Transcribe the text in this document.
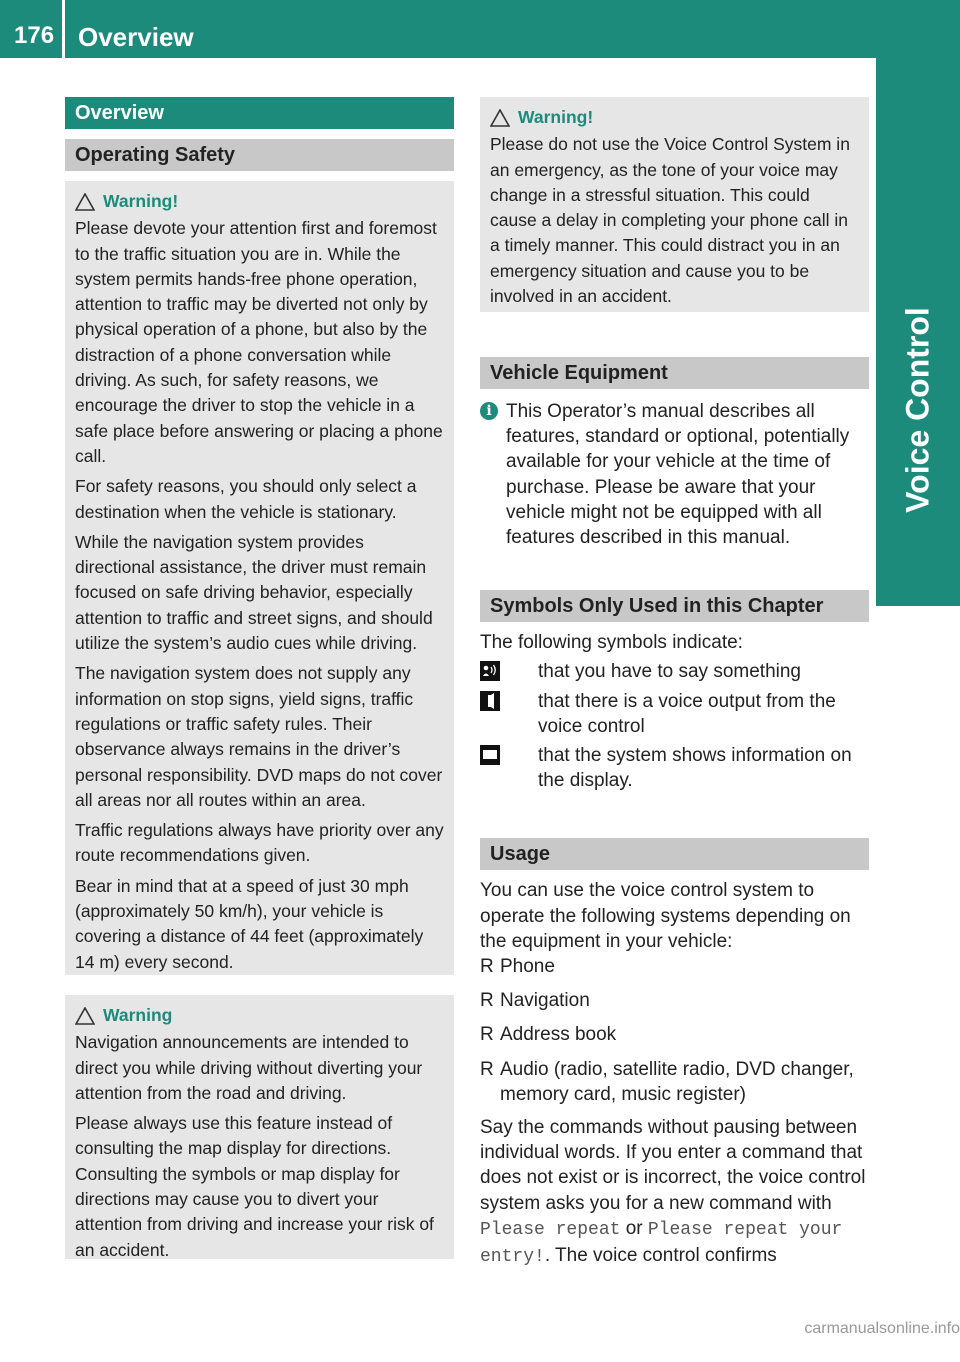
176 Overview
Voice Control
Overview
Operating Safety
Warning!

Please devote your attention first and foremost to the traffic situation you are in. While the system permits hands-free phone operation, attention to traffic may be diverted not only by physical operation of a phone, but also by the distraction of a phone conversation while driving. As such, for safety reasons, we encourage the driver to stop the vehicle in a safe place before answering or placing a phone call.

For safety reasons, you should only select a destination when the vehicle is stationary.

While the navigation system provides directional assistance, the driver must remain focused on safe driving behavior, especially attention to traffic and street signs, and should utilize the system’s audio cues while driving.

The navigation system does not supply any information on stop signs, yield signs, traffic regulations or traffic safety rules. Their observance always remains in the driver’s personal responsibility. DVD maps do not cover all areas nor all routes within an area.

Traffic regulations always have priority over any route recommendations given.

Bear in mind that at a speed of just 30 mph (approximately 50 km/h), your vehicle is covering a distance of 44 feet (approximately 14 m) every second.

Warning

Navigation announcements are intended to direct you while driving without diverting your attention from the road and driving.

Please always use this feature instead of consulting the map display for directions. Consulting the symbols or map display for directions may cause you to divert your attention from driving and increase your risk of an accident.

Warning!

Please do not use the Voice Control System in an emergency, as the tone of your voice may change in a stressful situation. This could cause a delay in completing your phone call in a timely manner. This could distract you in an emergency situation and cause you to be involved in an accident.

Vehicle Equipment
i This Operator’s manual describes all features, standard or optional, potentially available for your vehicle at the time of purchase. Please be aware that your vehicle might not be equipped with all features described in this manual.

Symbols Only Used in this Chapter

The following symbols indicate:

that you have to say something
that there is a voice output from the voice control
that the system shows information on the display.
Usage

You can use the voice control system to operate the following systems depending on the equipment in your vehicle:

R Phone
R Navigation
R Address book
R Audio (radio, satellite radio, DVD changer, memory card, music register)

Say the commands without pausing between individual words. If you enter a command that does not exist or is incorrect, the voice control system asks you for a new command with Please repeat or Please repeat your entry!. The voice control confirms

carmanualsonline.info
